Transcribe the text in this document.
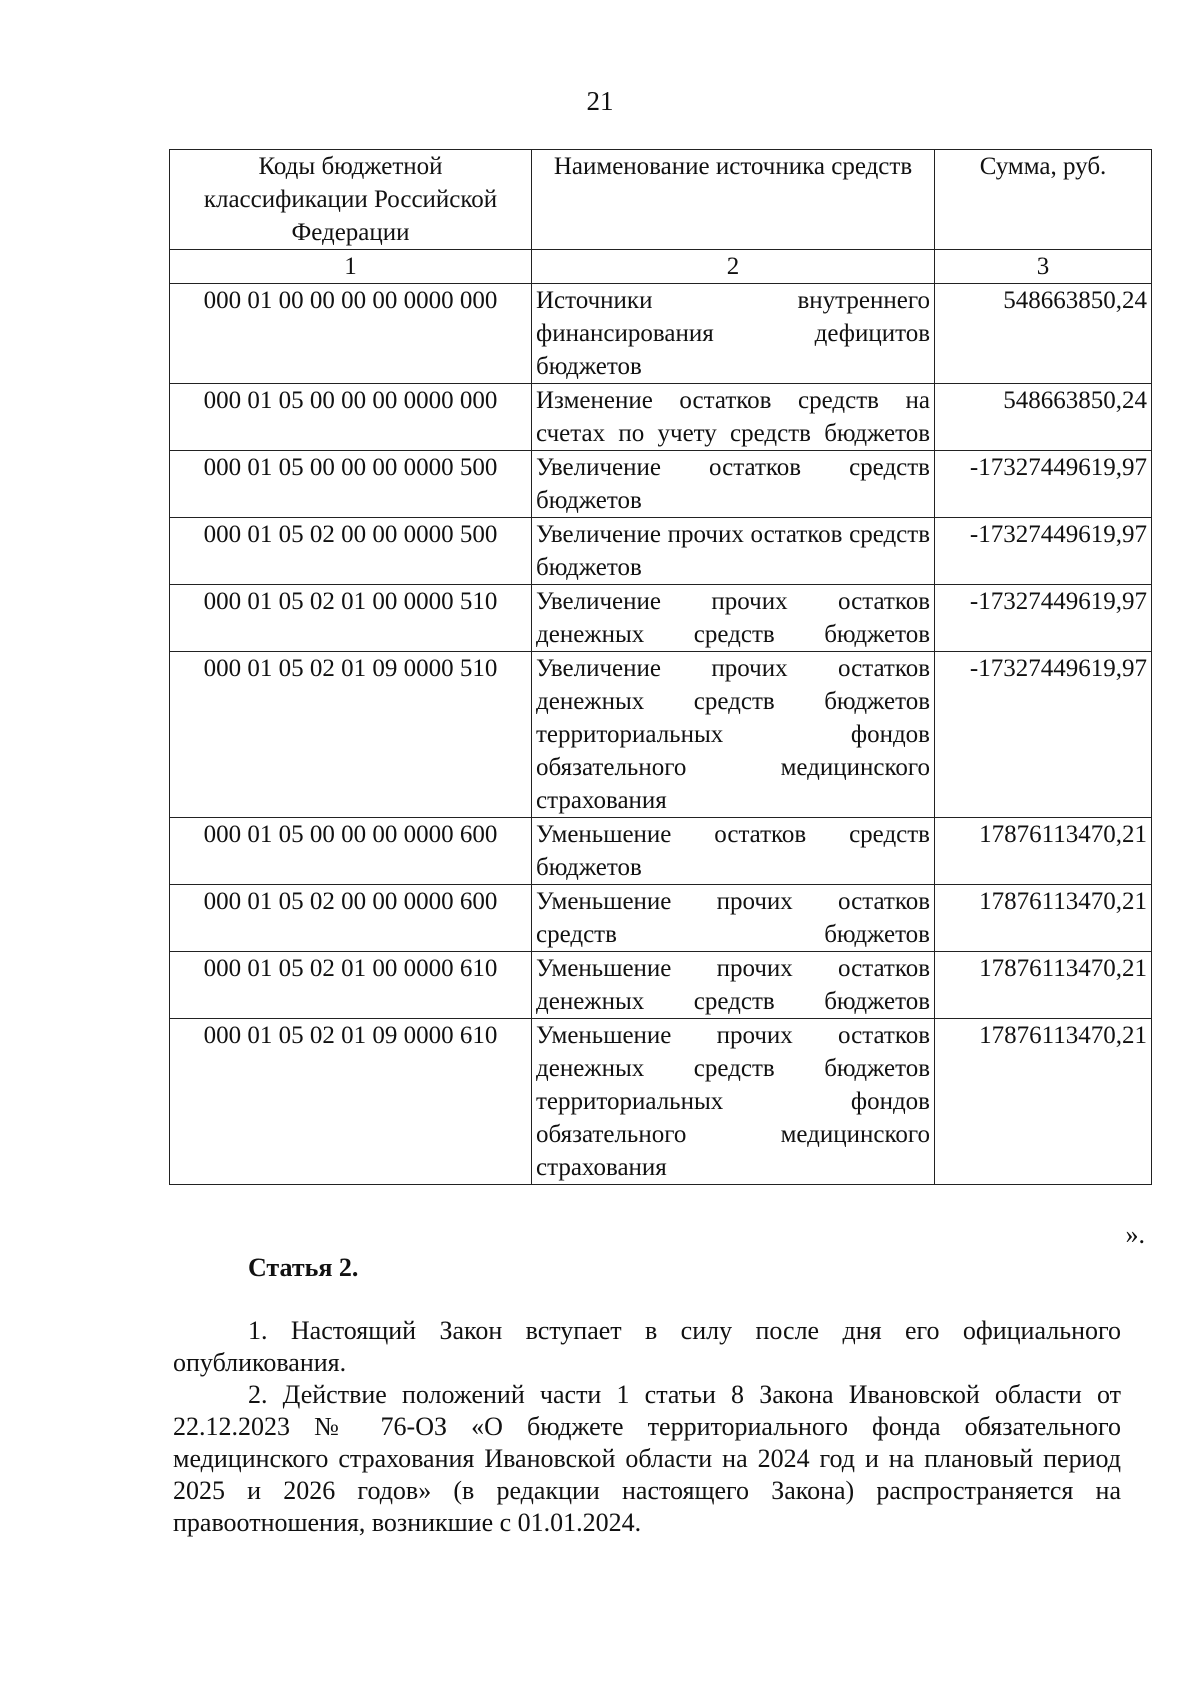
21
Коды бюджетной классификации Российской Федерации	Наименование источника средств	Сумма, руб.
1	2	3
000 01 00 00 00 00 0000 000	Источники внутреннего финансирования дефицитов бюджетов	548663850,24
000 01 05 00 00 00 0000 000	Изменение остатков средств на счетах по учету средств бюджетов	548663850,24
000 01 05 00 00 00 0000 500	Увеличение остатков средств бюджетов	-17327449619,97
000 01 05 02 00 00 0000 500	Увеличение прочих остатков средств бюджетов	-17327449619,97
000 01 05 02 01 00 0000 510	Увеличение прочих остатков денежных средств бюджетов	-17327449619,97
000 01 05 02 01 09 0000 510	Увеличение прочих остатков денежных средств бюджетов территориальных фондов обязательного медицинского страхования	-17327449619,97
000 01 05 00 00 00 0000 600	Уменьшение остатков средств бюджетов	17876113470,21
000 01 05 02 00 00 0000 600	Уменьшение прочих остатков средств бюджетов	17876113470,21
000 01 05 02 01 00 0000 610	Уменьшение прочих остатков денежных средств бюджетов	17876113470,21
000 01 05 02 01 09 0000 610	Уменьшение прочих остатков денежных средств бюджетов территориальных фондов обязательного медицинского страхования	17876113470,21
».
Статья 2.
1. Настоящий Закон вступает в силу после дня его официального опубликования.
2. Действие положений части 1 статьи 8 Закона Ивановской области от 22.12.2023 № 76-ОЗ «О бюджете территориального фонда обязательного медицинского страхования Ивановской области на 2024 год и на плановый период 2025 и 2026 годов» (в редакции настоящего Закона) распространяется на правоотношения, возникшие с 01.01.2024.
